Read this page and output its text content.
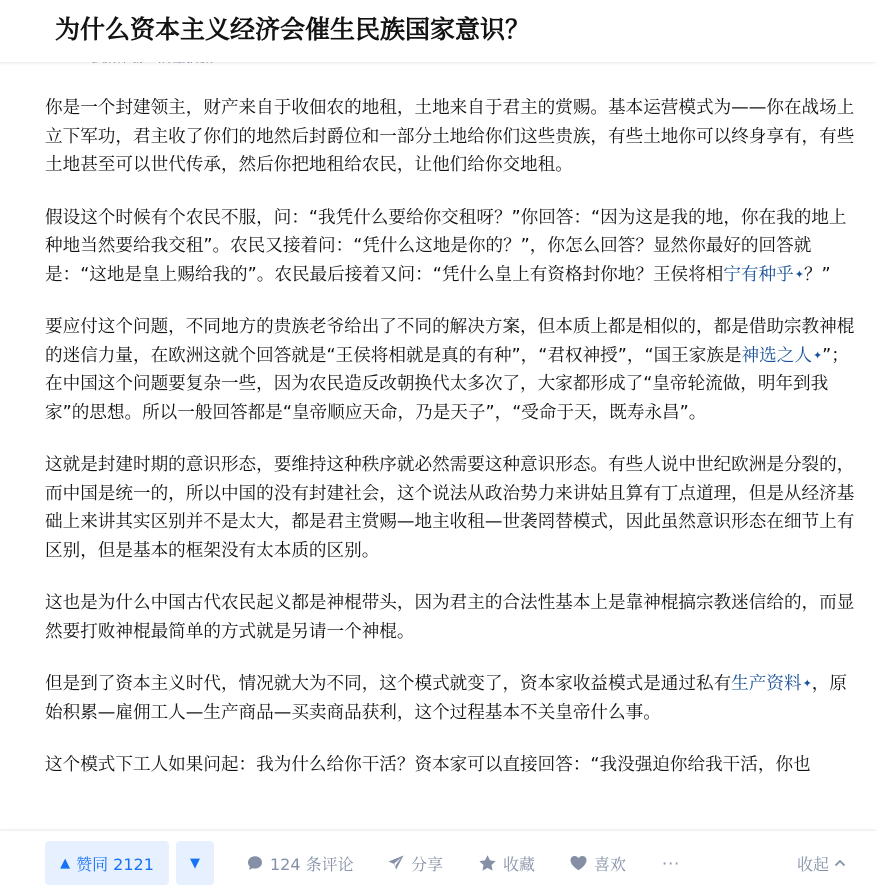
为什么资本主义经济会催生民族国家意识？

你是一个封建领主，财产来自于收佃农的地租，土地来自于君主的赏赐。基本运营模式为——你在战场上立下军功，君主收了你们的地然后封爵位和一部分土地给你们这些贵族，有些土地你可以终身享有，有些土地甚至可以世代传承，然后你把地租给农民，让他们给你交地租。

假设这个时候有个农民不服，问：“我凭什么要给你交租呀？”你回答：“因为这是我的地，你在我的地上种地当然要给我交租”。农民又接着问：“凭什么这地是你的？”，你怎么回答？显然你最好的回答就是：“这地是皇上赐给我的”。农民最后接着又问：“凭什么皇上有资格封你地？王侯将相宁有种乎✦？”

要应付这个问题，不同地方的贵族老爷给出了不同的解决方案，但本质上都是相似的，都是借助宗教神棍的迷信力量，在欧洲这就个回答就是“王侯将相就是真的有种”，“君权神授”，“国王家族是神选之人✦”；在中国这个问题要复杂一些，因为农民造反改朝换代太多次了，大家都形成了“皇帝轮流做，明年到我家”的思想。所以一般回答都是“皇帝顺应天命，乃是天子”，“受命于天，既寿永昌”。

这就是封建时期的意识形态，要维持这种秩序就必然需要这种意识形态。有些人说中世纪欧洲是分裂的，而中国是统一的，所以中国的没有封建社会，这个说法从政治势力来讲姑且算有丁点道理，但是从经济基础上来讲其实区别并不是太大，都是君主赏赐—地主收租—世袭罔替模式，因此虽然意识形态在细节上有区别，但是基本的框架没有太本质的区别。

这也是为什么中国古代农民起义都是神棍带头，因为君主的合法性基本上是靠神棍搞宗教迷信给的，而显然要打败神棍最简单的方式就是另请一个神棍。

但是到了资本主义时代，情况就大为不同，这个模式就变了，资本家收益模式是通过私有生产资料✦，原始积累—雇佣工人—生产商品—买卖商品获利，这个过程基本不关皇帝什么事。

这个模式下工人如果问起：我为什么给你干活？资本家可以直接回答：“我没强迫你给我干活，你也

▲ 赞同 2121	▼	124 条评论	分享	收藏	喜欢 ···	收起
